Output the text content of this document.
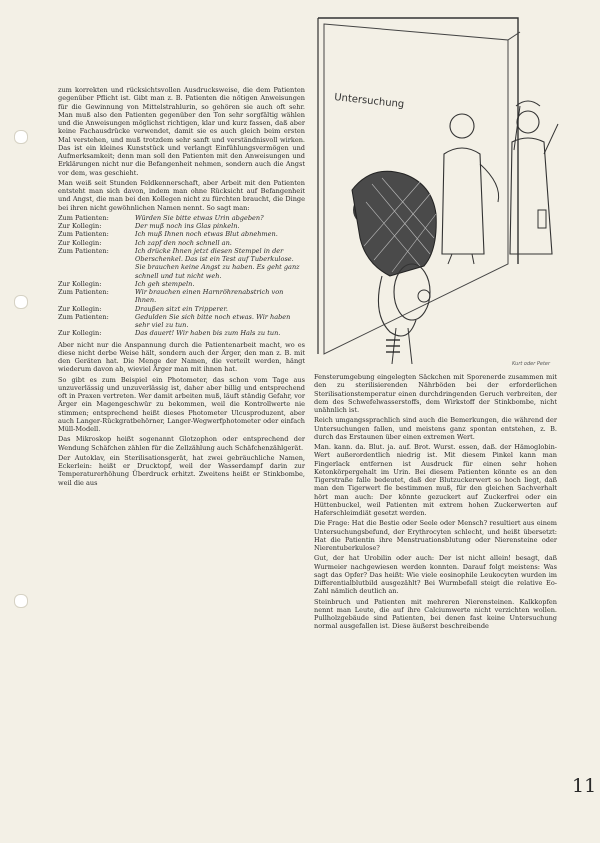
zum korrekten und rücksichtsvollen Ausdrucksweise, die dem Patienten gegenüber Pflicht ist. Gibt man z. B. Patienten die nötigen Anweisungen für die Gewinnung von Mittelstrahlurin, so gehören sie auch oft sehr. Man muß also den Patienten gegenüber den Ton sehr sorgfältig wählen und die Anweisungen möglichst richtigen, klar und kurz fassen, daß aber keine Fachausdrücke verwendet, damit sie es auch gleich beim ersten Mal verstehen, und muß trotzdem sehr sanft und verständnisvoll wirken. Das ist ein kleines Kunststück und verlangt Einfühlungsvermögen und Aufmerksamkeit; denn man soll den Patienten mit den Anweisungen und Erklärungen nicht nur die Befangenheit nehmen, sondern auch die Angst vor dem, was geschieht.

Man weiß seit Stunden Feldkennerschaft, aber Arbeit mit den Patienten entsteht man sich davon, indem man ohne Rücksicht auf Befangenheit und Angst, die man bei den Kollegen nicht zu fürchten braucht, die Dinge bei ihren nicht gewöhnlichen Namen nennt. So sagt man:

Zum Patienten:	Würden Sie bitte etwas Urin abgeben?
Zur Kollegin:	Der muß noch ins Glas pinkeln.
Zum Patienten:	Ich muß Ihnen noch etwas Blut abnehmen.
Zur Kollegin:	Ich zapf den noch schnell an.
Zum Patienten:	Ich drücke Ihnen jetzt diesen Stempel in der Oberschenkel. Das ist ein Test auf Tuberkulose. Sie brauchen keine Angst zu haben. Es geht ganz schnell und tut nicht weh.
Zur Kollegin:	Ich geh stempeln.
Zum Patienten:	Wir brauchen einen Harnröhrenabstrich von Ihnen.
Zur Kollegin:	Draußen sitzt ein Tripperer.
Zum Patienten:	Gedulden Sie sich bitte noch etwas. Wir haben sehr viel zu tun.
Zur Kollegin:	Das dauert! Wir haben bis zum Hals zu tun.

Aber nicht nur die Anspannung durch die Patientenarbeit macht, wo es diese nicht derbe Weise hält, sondern auch der Ärger, den man z. B. mit den Geräten hat. Die Menge der Namen, die verteilt werden, hängt wiederum davon ab, wieviel Ärger man mit ihnen hat.

So gibt es zum Beispiel ein Photometer, das schon vom Tage aus unzuverlässig und unzuverlässig ist, daher aber billig und entsprechend oft in Praxen vertreten. Wer damit arbeiten muß, läuft ständig Gefahr, vor Ärger ein Magengeschwür zu bekommen, weil die Kontrollwerte nie stimmen; entsprechend heißt dieses Photometer Ulcusproduzent, aber auch Langer-Rückgratbehörner, Langer-Wegwerfphotometer oder einfach Müll-Modell.

Das Mikroskop heißt sogenannt Glotzophon oder entsprechend der Wendung Schäfchen zählen für die Zellzählung auch Schäfchenzählgerät.

Der Autoklav, ein Sterilisationsgerät, hat zwei gebräuchliche Namen, Eckerlein: heißt er Drucktopf, weil der Wasserdampf darin zur Temperaturerhöhung Überdruck erhitzt. Zweitens heißt er Stinkbombe, weil die aus

Untersuchung
Kurt oder Peter

Fensterumgebung eingelegten Säckchen mit Sporenerde zusammen mit den zu sterilisierenden Nährböden bei der erforderlichen Sterilisationstemperatur einen durchdringenden Geruch verbreiten, der dem des Schwefelwasserstoffs, dem Wirkstoff der Stinkbombe, nicht unähnlich ist.

Reich umgangssprachlich sind auch die Bemerkungen, die während der Untersuchungen fallen, und meistens ganz spontan entstehen, z. B. durch das Erstaunen über einen extremen Wert.

Man. kann. da. Blut. ja. auf. Brot. Wurst. essen, daß. der Hämoglobin-Wert außerordentlich niedrig ist. Mit diesem Pinkel kann man Fingerlack entfernen ist Ausdruck für einen sehr hohen Ketonkörpergehalt im Urin. Bei diesem Patienten könnte es an den Tigerstraße falle bedeutet, daß der Blutzuckerwert so hoch liegt, daß man den Tigerwert fle bestimmen muß, für den gleichen Sachverhalt hört man auch: Der könnte gezuckert auf Zuckerfrei oder ein Hüttenbuckel, weil Patienten mit extrem hohen Zuckerwerten auf Haferschleimdiät gesetzt werden.

Die Frage: Hat die Bestie oder Seele oder Mensch? resultiert aus einem Untersuchungsbefund, der Erythrocyten schlecht, und heißt übersetzt: Hat die Patientin ihre Menstruationsblutung oder Nierensteine oder Nierentuberkulose?

Gut, der hat Urobilin oder auch: Der ist nicht allein! besagt, daß Wurmeier nachgewiesen werden konnten. Darauf folgt meistens: Was sagt das Opfer? Das heißt: Wie viele eosinophile Leukocyten wurden im Differentialblutbild ausgezählt? Bei Wurmbefall steigt die relative Eo-Zahl nämlich deutlich an.

Steinbruch und Patienten mit mehreren Nierensteinen. Kalkkopfen nennt man Leute, die auf ihre Calciumwerte nicht verzichten wollen. Pullholzgebäude sind Patienten, bei denen fast keine Untersuchung normal ausgefallen ist. Diese äußerst beschreibende

11
